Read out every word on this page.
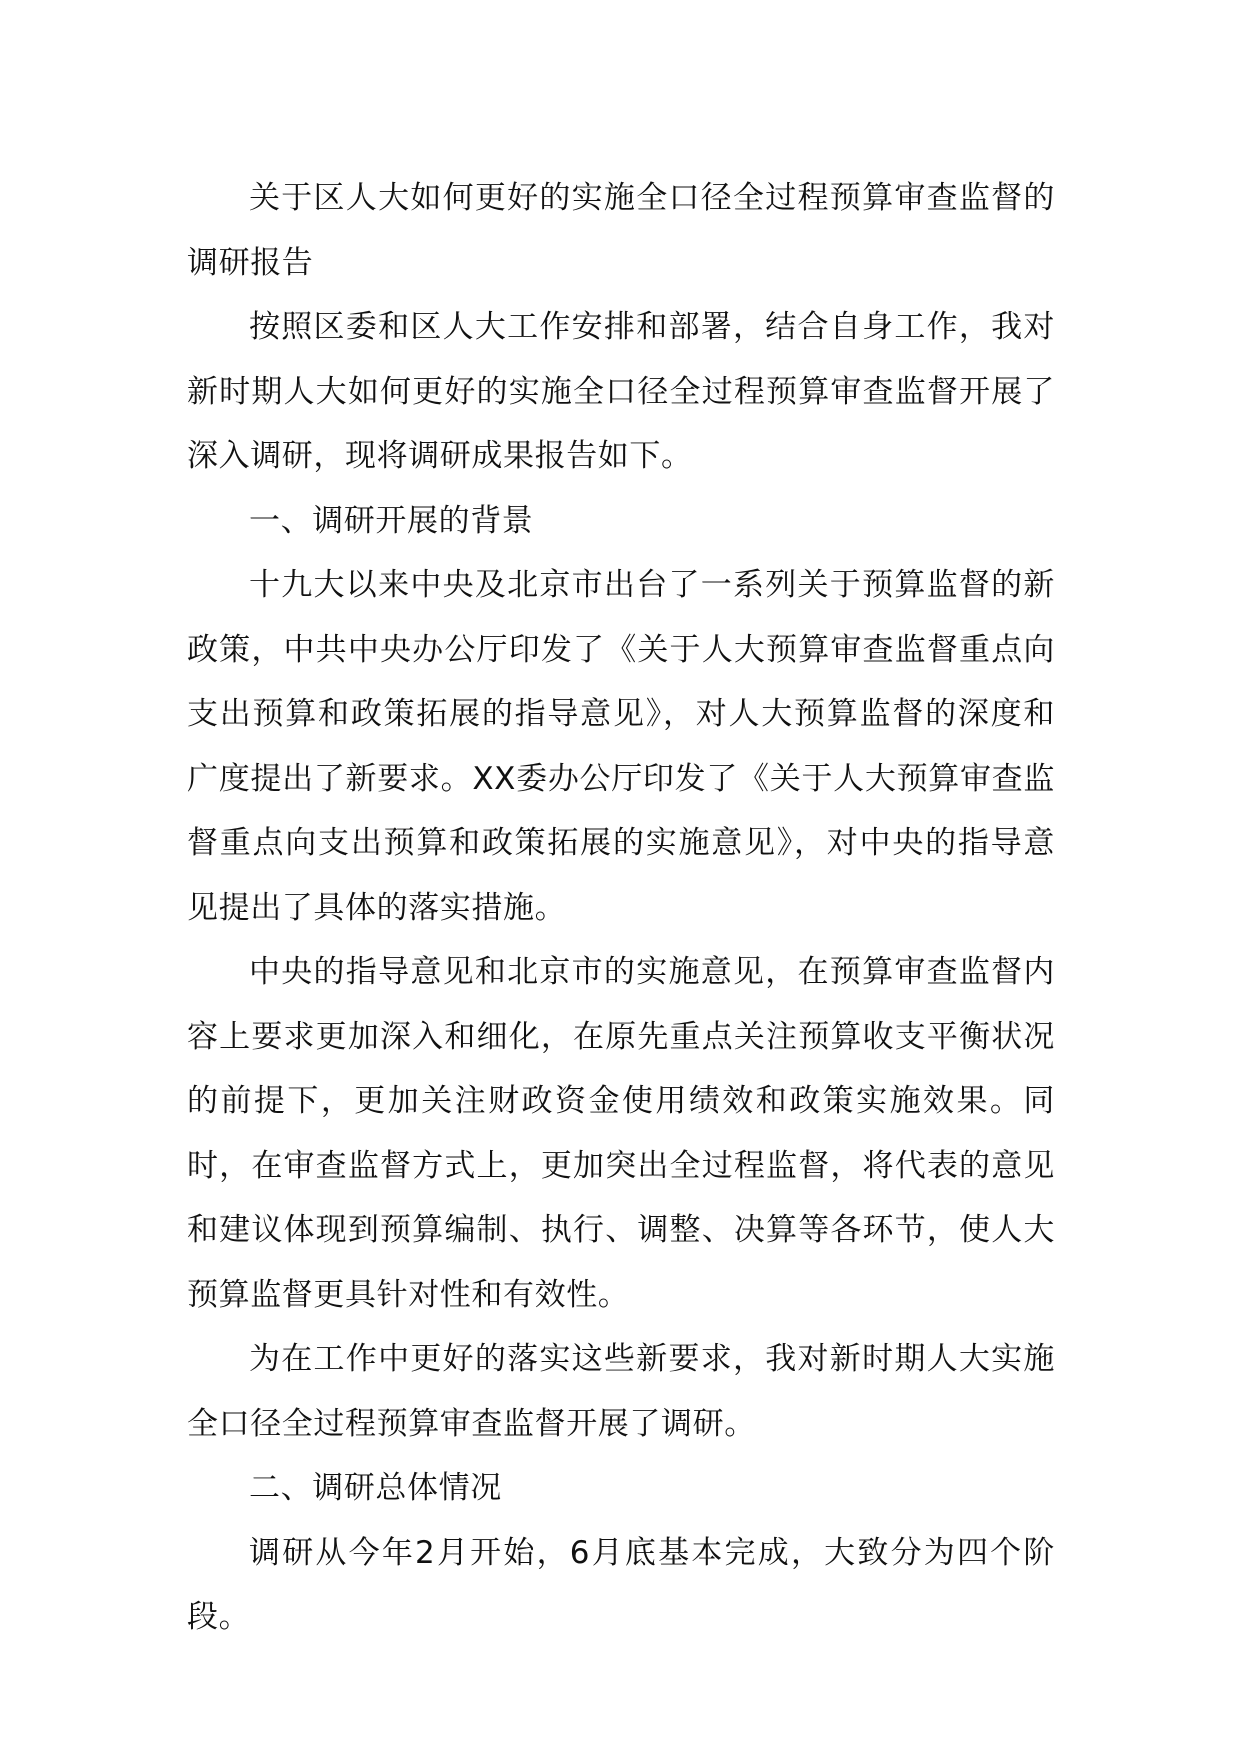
关于区人大如何更好的实施全口径全过程预算审查监督的调研报告

按照区委和区人大工作安排和部署，结合自身工作，我对新时期人大如何更好的实施全口径全过程预算审查监督开展了深入调研，现将调研成果报告如下。

一、调研开展的背景

十九大以来中央及北京市出台了一系列关于预算监督的新政策，中共中央办公厅印发了《关于人大预算审查监督重点向支出预算和政策拓展的指导意见》，对人大预算监督的深度和广度提出了新要求。XX委办公厅印发了《关于人大预算审查监督重点向支出预算和政策拓展的实施意见》，对中央的指导意见提出了具体的落实措施。

中央的指导意见和北京市的实施意见，在预算审查监督内容上要求更加深入和细化，在原先重点关注预算收支平衡状况的前提下，更加关注财政资金使用绩效和政策实施效果。同时，在审查监督方式上，更加突出全过程监督，将代表的意见和建议体现到预算编制、执行、调整、决算等各环节，使人大预算监督更具针对性和有效性。

为在工作中更好的落实这些新要求，我对新时期人大实施全口径全过程预算审查监督开展了调研。

二、调研总体情况

调研从今年2月开始，6月底基本完成，大致分为四个阶段。
